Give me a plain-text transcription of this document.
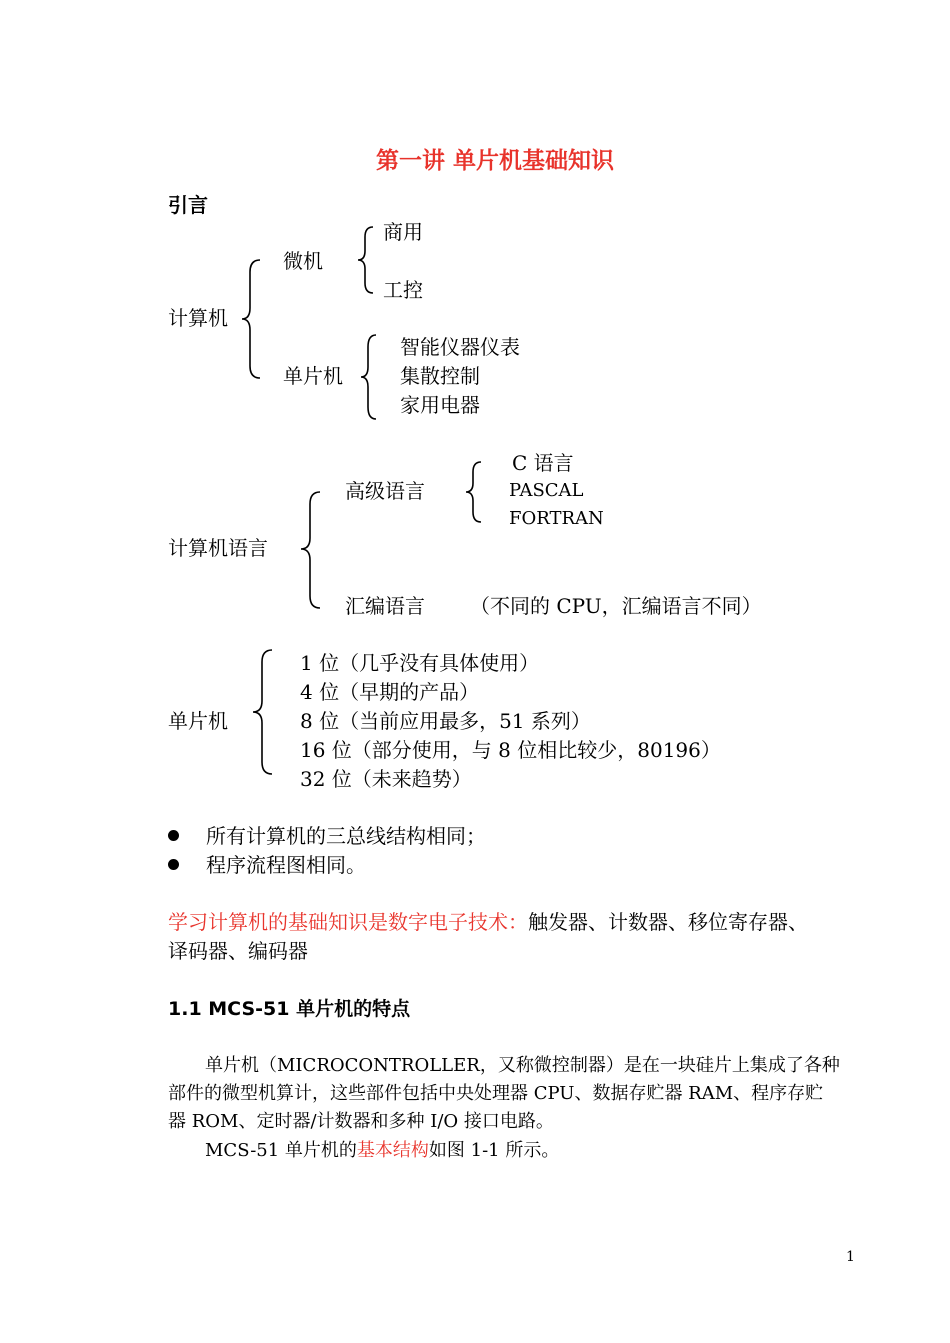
第一讲 单片机基础知识
引言
计算机
微机
商用
工控
单片机
智能仪器仪表
集散控制
家用电器
计算机语言
高级语言
C 语言
PASCAL
FORTRAN
汇编语言 （不同的 CPU，汇编语言不同）
单片机
1 位（几乎没有具体使用）
4 位（早期的产品）
8 位（当前应用最多，51 系列）
16 位（部分使用，与 8 位相比较少，80196）
32 位（未来趋势）
所有计算机的三总线结构相同；
程序流程图相同。
学习计算机的基础知识是数字电子技术：触发器、计数器、移位寄存器、
译码器、编码器
1.1 MCS-51 单片机的特点
单片机（MICROCONTROLLER，又称微控制器）是在一块硅片上集成了各种
部件的微型机算计，这些部件包括中央处理器 CPU、数据存贮器 RAM、程序存贮
器 ROM、定时器/计数器和多种 I/O 接口电路。
MCS-51 单片机的基本结构如图 1-1 所示。
1
